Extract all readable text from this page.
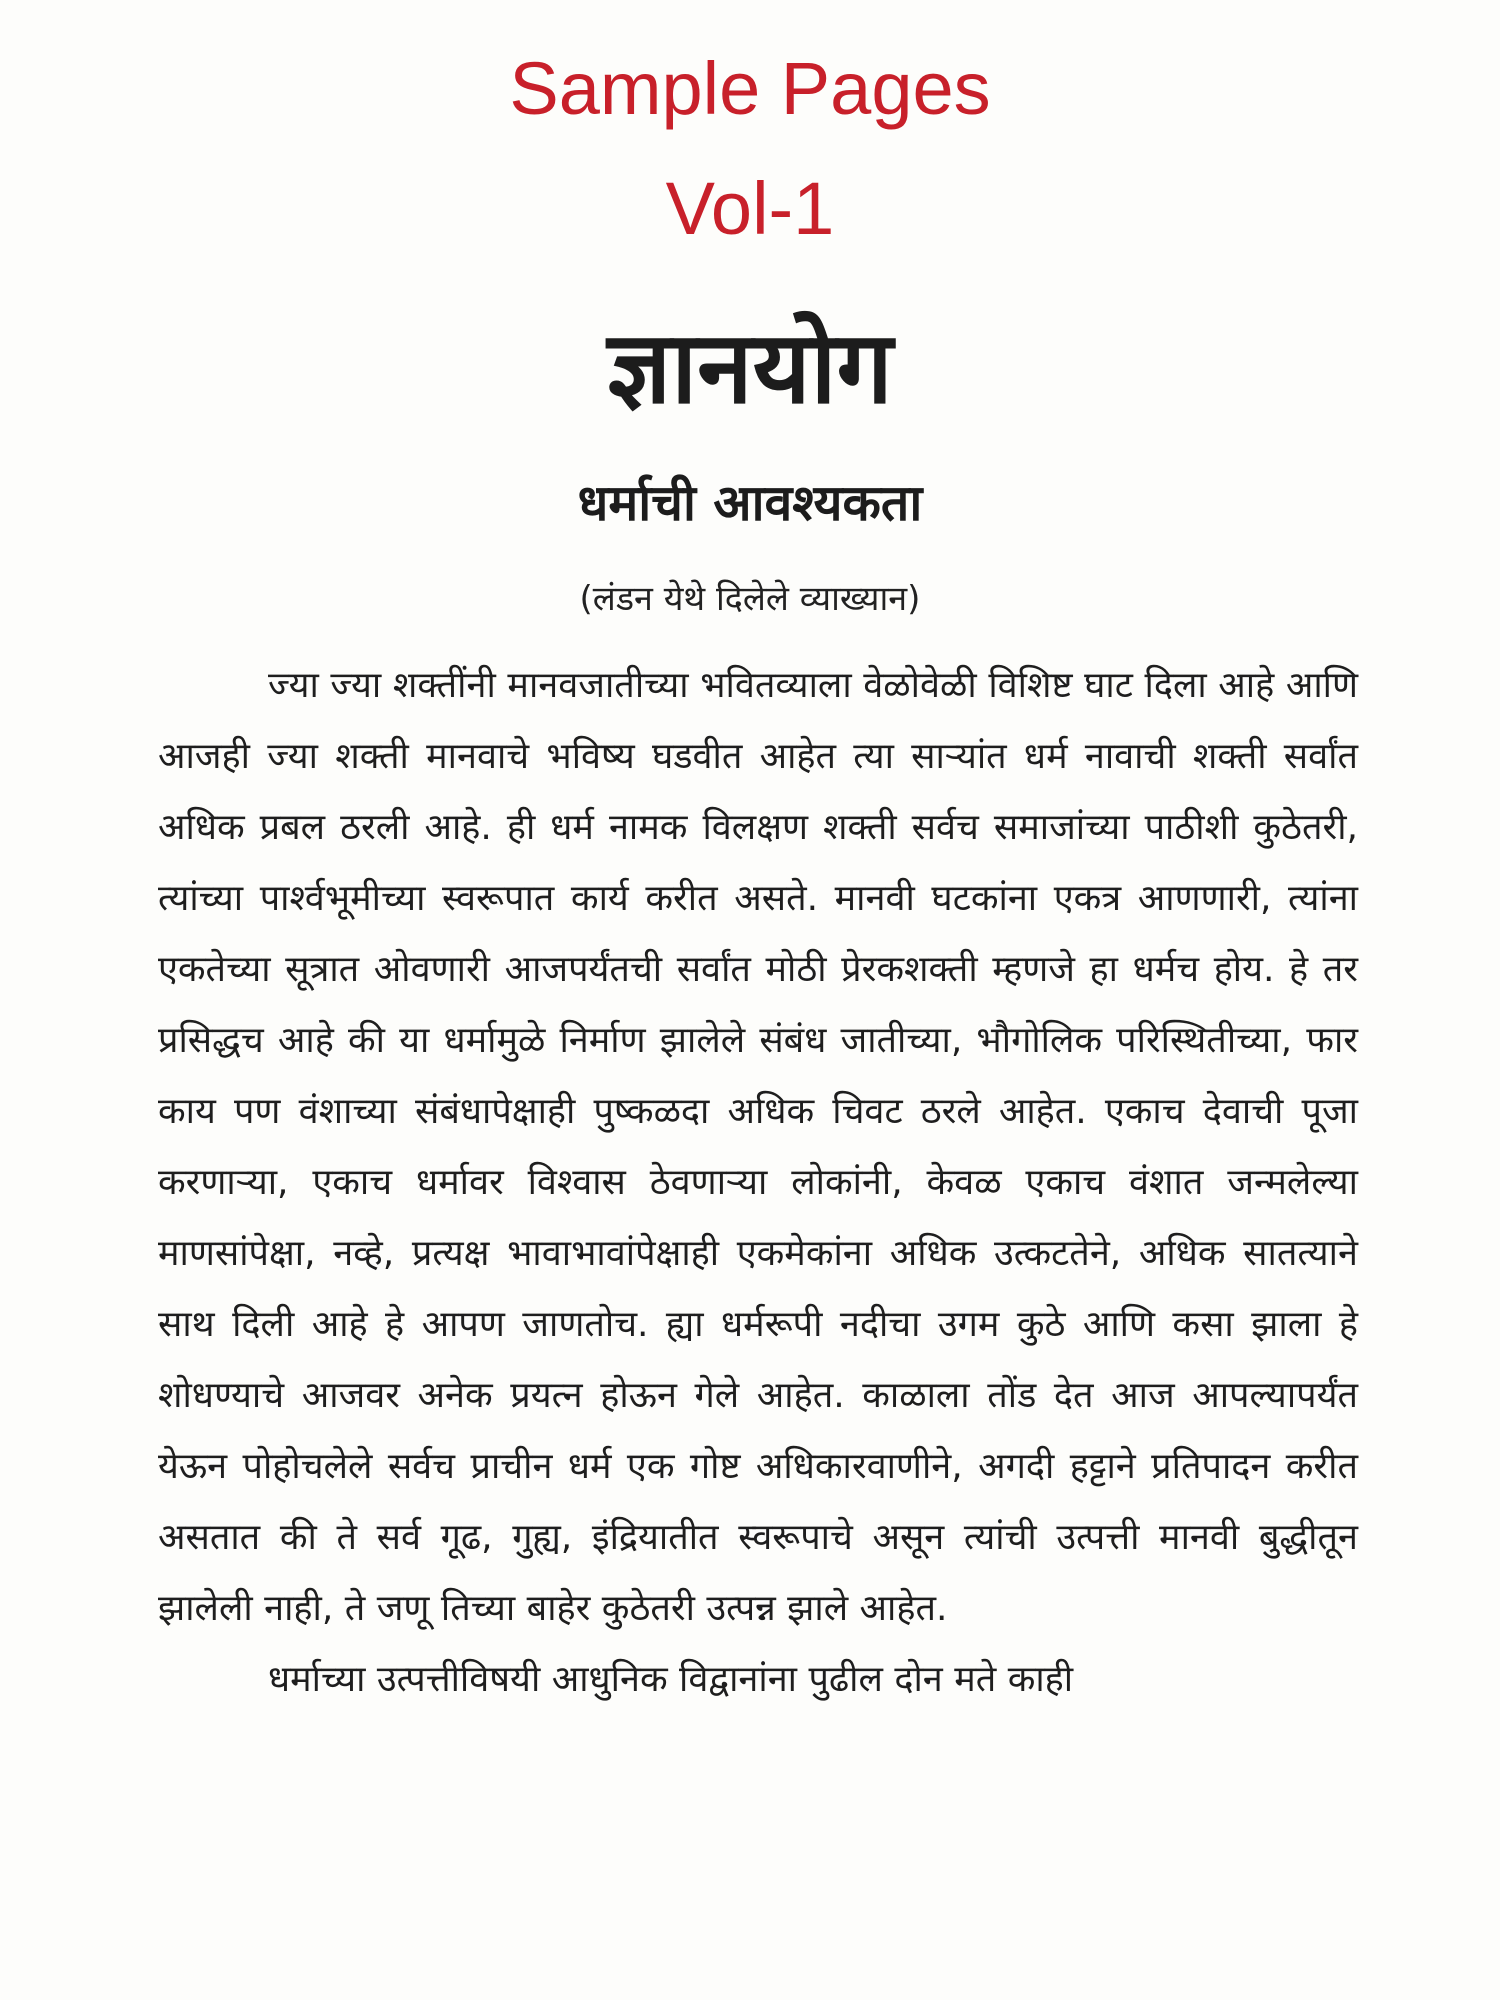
Sample Pages
Vol-1
ज्ञानयोग
धर्माची आवश्यकता
(लंडन येथे दिलेले व्याख्यान)

ज्या ज्या शक्तींनी मानवजातीच्या भवितव्याला वेळोवेळी विशिष्ट घाट दिला आहे आणि आजही ज्या शक्ती मानवाचे भविष्य घडवीत आहेत त्या साऱ्यांत धर्म नावाची शक्ती सर्वांत अधिक प्रबल ठरली आहे. ही धर्म नामक विलक्षण शक्ती सर्वच समाजांच्या पाठीशी कुठेतरी, त्यांच्या पार्श्वभूमीच्या स्वरूपात कार्य करीत असते. मानवी घटकांना एकत्र आणणारी, त्यांना एकतेच्या सूत्रात ओवणारी आजपर्यंतची सर्वांत मोठी प्रेरकशक्ती म्हणजे हा धर्मच होय. हे तर प्रसिद्धच आहे की या धर्मामुळे निर्माण झालेले संबंध जातीच्या, भौगोलिक परिस्थितीच्या, फार काय पण वंशाच्या संबंधापेक्षाही पुष्कळदा अधिक चिवट ठरले आहेत. एकाच देवाची पूजा करणाऱ्या, एकाच धर्मावर विश्वास ठेवणाऱ्या लोकांनी, केवळ एकाच वंशात जन्मलेल्या माणसांपेक्षा, नव्हे, प्रत्यक्ष भावाभावांपेक्षाही एकमेकांना अधिक उत्कटतेने, अधिक सातत्याने साथ दिली आहे हे आपण जाणतोच. ह्या धर्मरूपी नदीचा उगम कुठे आणि कसा झाला हे शोधण्याचे आजवर अनेक प्रयत्न होऊन गेले आहेत. काळाला तोंड देत आज आपल्यापर्यंत येऊन पोहोचलेले सर्वच प्राचीन धर्म एक गोष्ट अधिकारवाणीने, अगदी हट्टाने प्रतिपादन करीत असतात की ते सर्व गूढ, गुह्य, इंद्रियातीत स्वरूपाचे असून त्यांची उत्पत्ती मानवी बुद्धीतून झालेली नाही, ते जणू तिच्या बाहेर कुठेतरी उत्पन्न झाले आहेत.

धर्माच्या उत्पत्तीविषयी आधुनिक विद्वानांना पुढील दोन मते काही
